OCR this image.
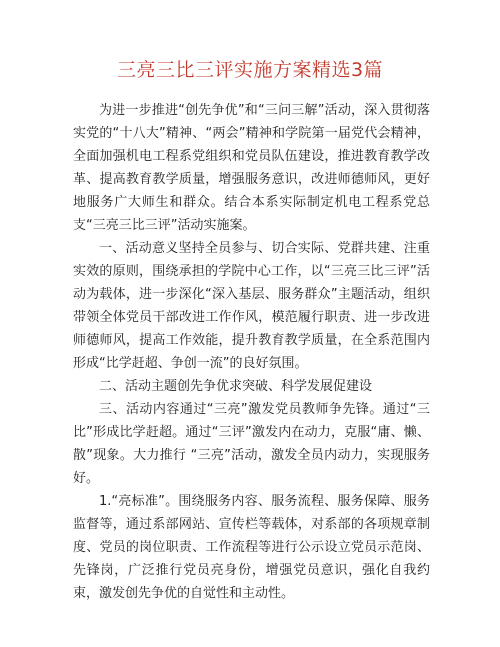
三亮三比三评实施方案精选3篇

为进一步推进“创先争优”和“三问三解”活动，深入贯彻落实党的“十八大”精神、“两会”精神和学院第一届党代会精神，全面加强机电工程系党组织和党员队伍建设，推进教育教学改革、提高教育教学质量，增强服务意识，改进师德师风，更好地服务广大师生和群众。结合本系实际制定机电工程系党总支“三亮三比三评”活动实施案。

一、活动意义坚持全员参与、切合实际、党群共建、注重实效的原则，围绕承担的学院中心工作，以“三亮三比三评”活动为载体，进一步深化“深入基层、服务群众”主题活动，组织带领全体党员干部改进工作作风，模范履行职责、进一步改进师德师风，提高工作效能，提升教育教学质量，在全系范围内形成“比学赶超、争创一流”的良好氛围。

二、活动主题创先争优求突破、科学发展促建设

三、活动内容通过“三亮”激发党员教师争先锋。通过“三比”形成比学赶超。通过“三评”激发内在动力，克服“庸、懒、散”现象。大力推行 “三亮”活动，激发全员内动力，实现服务好。

1.“亮标准”。围绕服务内容、服务流程、服务保障、服务监督等，通过系部网站、宣传栏等载体，对系部的各项规章制度、党员的岗位职责、工作流程等进行公示设立党员示范岗、先锋岗，广泛推行党员亮身份，增强党员意识，强化自我约束，激发创先争优的自觉性和主动性。
